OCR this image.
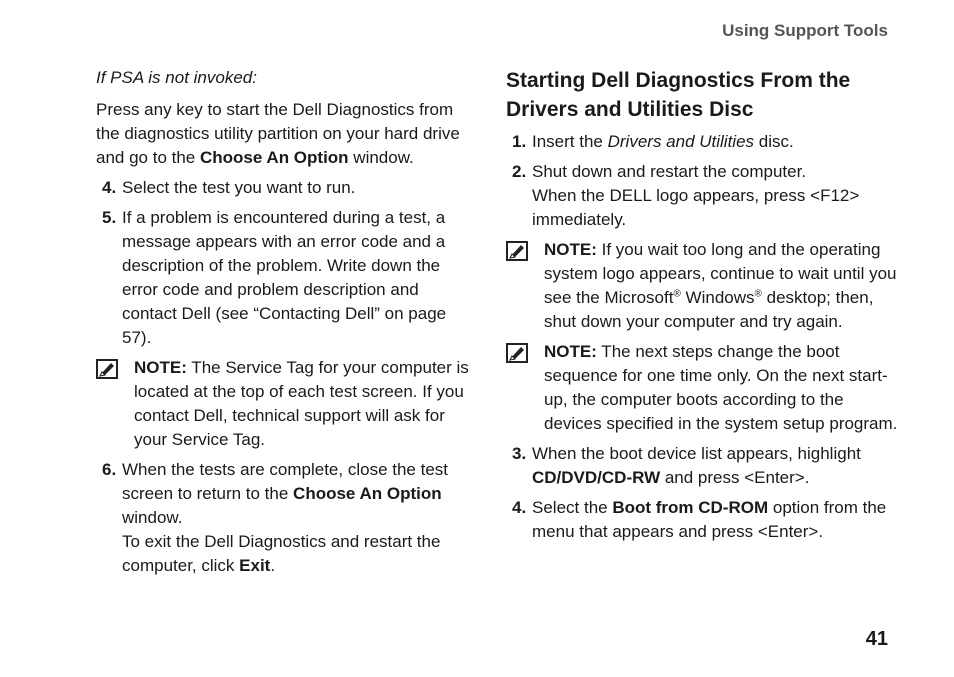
Using Support Tools

If PSA is not invoked:

Press any key to start the Dell Diagnostics from the diagnostics utility partition on your hard drive and go to the Choose An Option window.

4. Select the test you want to run.
5. If a problem is encountered during a test, a message appears with an error code and a description of the problem. Write down the error code and problem description and contact Dell (see “Contacting Dell” on page 57).

NOTE: The Service Tag for your computer is located at the top of each test screen. If you contact Dell, technical support will ask for your Service Tag.

6. When the tests are complete, close the test screen to return to the Choose An Option window.

To exit the Dell Diagnostics and restart the computer, click Exit.

Starting Dell Diagnostics From the Drivers and Utilities Disc
1. Insert the Drivers and Utilities disc.

2. Shut down and restart the computer.

When the DELL logo appears, press <F12> immediately.

NOTE: If you wait too long and the operating system logo appears, continue to wait until you see the Microsoft® Windows® desktop; then, shut down your computer and try again.

NOTE: The next steps change the boot sequence for one time only. On the next start-up, the computer boots according to the devices specified in the system setup program.

3. When the boot device list appears, highlight CD/DVD/CD-RW and press <Enter>.

4. Select the Boot from CD-ROM option from the menu that appears and press <Enter>.

41
